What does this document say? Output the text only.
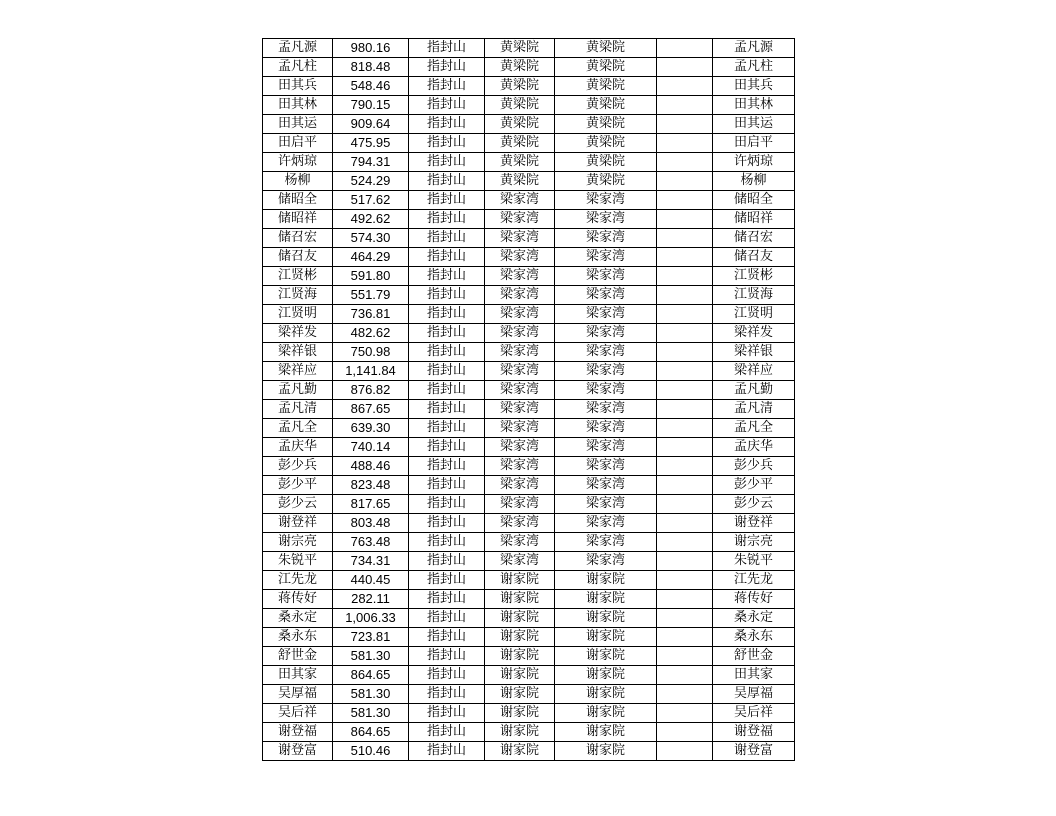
孟凡源	980.16	指封山	黄梁院	黄梁院		孟凡源
孟凡柱	818.48	指封山	黄梁院	黄梁院		孟凡柱
田其兵	548.46	指封山	黄梁院	黄梁院		田其兵
田其林	790.15	指封山	黄梁院	黄梁院		田其林
田其运	909.64	指封山	黄梁院	黄梁院		田其运
田启平	475.95	指封山	黄梁院	黄梁院		田启平
许炳琼	794.31	指封山	黄梁院	黄梁院		许炳琼
杨柳	524.29	指封山	黄梁院	黄梁院		杨柳
储昭全	517.62	指封山	梁家湾	梁家湾		储昭全
储昭祥	492.62	指封山	梁家湾	梁家湾		储昭祥
储召宏	574.30	指封山	梁家湾	梁家湾		储召宏
储召友	464.29	指封山	梁家湾	梁家湾		储召友
江贤彬	591.80	指封山	梁家湾	梁家湾		江贤彬
江贤海	551.79	指封山	梁家湾	梁家湾		江贤海
江贤明	736.81	指封山	梁家湾	梁家湾		江贤明
梁祥发	482.62	指封山	梁家湾	梁家湾		梁祥发
梁祥银	750.98	指封山	梁家湾	梁家湾		梁祥银
梁祥应	1,141.84	指封山	梁家湾	梁家湾		梁祥应
孟凡勤	876.82	指封山	梁家湾	梁家湾		孟凡勤
孟凡清	867.65	指封山	梁家湾	梁家湾		孟凡清
孟凡全	639.30	指封山	梁家湾	梁家湾		孟凡全
孟庆华	740.14	指封山	梁家湾	梁家湾		孟庆华
彭少兵	488.46	指封山	梁家湾	梁家湾		彭少兵
彭少平	823.48	指封山	梁家湾	梁家湾		彭少平
彭少云	817.65	指封山	梁家湾	梁家湾		彭少云
谢登祥	803.48	指封山	梁家湾	梁家湾		谢登祥
谢宗亮	763.48	指封山	梁家湾	梁家湾		谢宗亮
朱锐平	734.31	指封山	梁家湾	梁家湾		朱锐平
江先龙	440.45	指封山	谢家院	谢家院		江先龙
蒋传好	282.11	指封山	谢家院	谢家院		蒋传好
桑永定	1,006.33	指封山	谢家院	谢家院		桑永定
桑永东	723.81	指封山	谢家院	谢家院		桑永东
舒世金	581.30	指封山	谢家院	谢家院		舒世金
田其家	864.65	指封山	谢家院	谢家院		田其家
吴厚福	581.30	指封山	谢家院	谢家院		吴厚福
吴后祥	581.30	指封山	谢家院	谢家院		吴后祥
谢登福	864.65	指封山	谢家院	谢家院		谢登福
谢登富	510.46	指封山	谢家院	谢家院		谢登富
